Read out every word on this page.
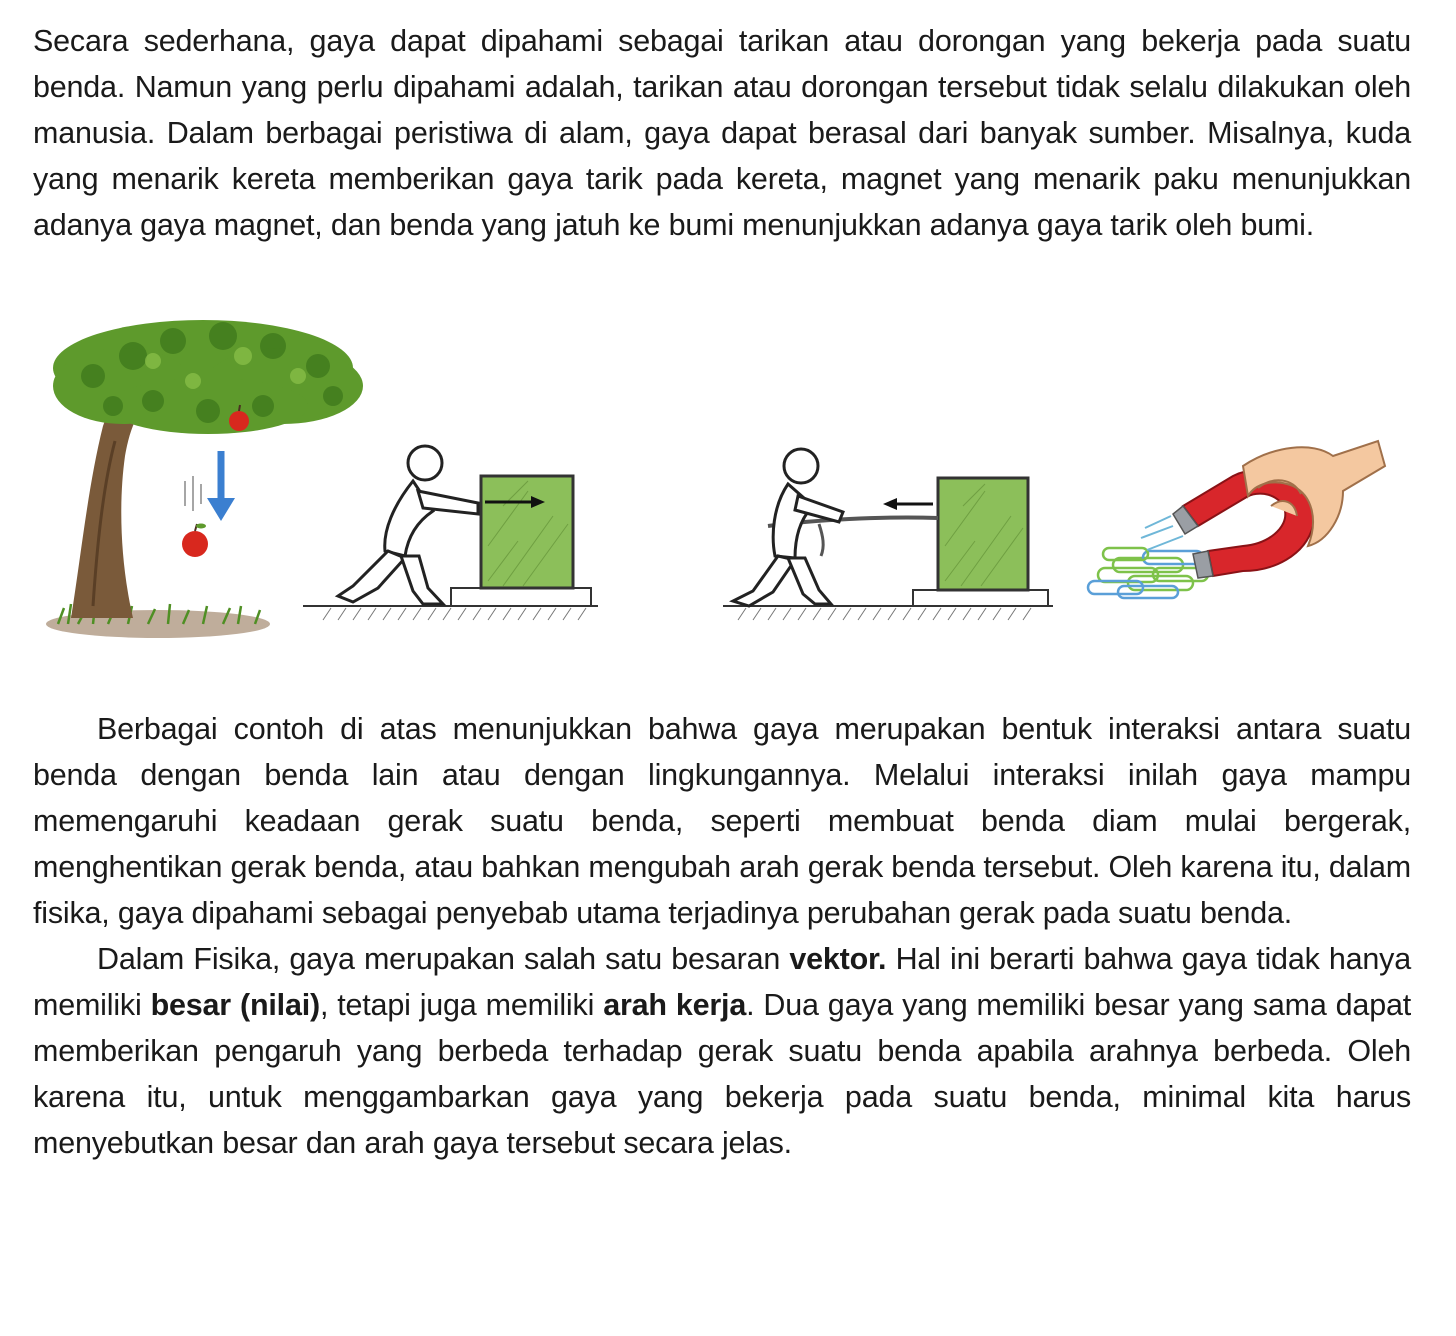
Secara sederhana, gaya dapat dipahami sebagai tarikan atau dorongan yang bekerja pada suatu benda. Namun yang perlu dipahami adalah, tarikan atau dorongan tersebut tidak selalu dilakukan oleh manusia. Dalam berbagai peristiwa di alam, gaya dapat berasal dari banyak sumber. Misalnya, kuda yang menarik kereta memberikan gaya tarik pada kereta, magnet yang menarik paku menunjukkan adanya gaya magnet, dan benda yang jatuh ke bumi menunjukkan adanya gaya tarik oleh bumi.

Berbagai contoh di atas menunjukkan bahwa gaya merupakan bentuk interaksi antara suatu benda dengan benda lain atau dengan lingkungannya. Melalui interaksi inilah gaya mampu memengaruhi keadaan gerak suatu benda, seperti membuat benda diam mulai bergerak, menghentikan gerak benda, atau bahkan mengubah arah gerak benda tersebut. Oleh karena itu, dalam fisika, gaya dipahami sebagai penyebab utama terjadinya perubahan gerak pada suatu benda.

Dalam Fisika, gaya merupakan salah satu besaran vektor. Hal ini berarti bahwa gaya tidak hanya memiliki besar (nilai), tetapi juga memiliki arah kerja. Dua gaya yang memiliki besar yang sama dapat memberikan pengaruh yang berbeda terhadap gerak suatu benda apabila arahnya berbeda. Oleh karena itu, untuk menggambarkan gaya yang bekerja pada suatu benda, minimal kita harus menyebutkan besar dan arah gaya tersebut secara jelas.
